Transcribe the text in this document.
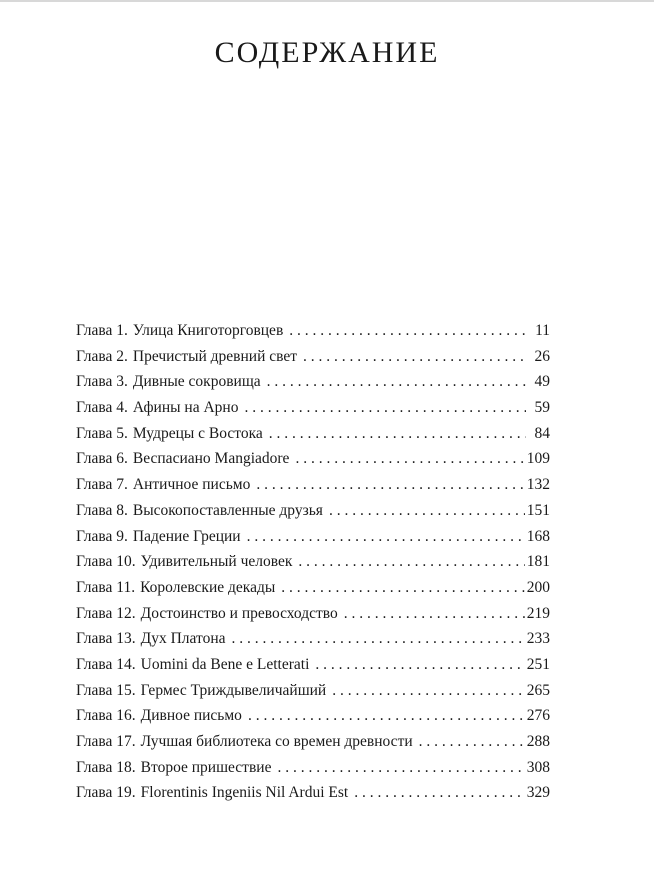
СОДЕРЖАНИЕ
Глава 1. Улица Книготорговцев . . .	11
Глава 2. Пречистый древний свет . . .	26
Глава 3. Дивные сокровища . . .	49
Глава 4. Афины на Арно . . .	59
Глава 5. Мудрецы с Востока . . .	84
Глава 6. Веспасиано Mangiadore . . .	109
Глава 7. Античное письмо . . .	132
Глава 8. Высокопоставленные друзья . . .	151
Глава 9. Падение Греции . . .	168
Глава 10. Удивительный человек . . .	181
Глава 11. Королевские декады . . .	200
Глава 12. Достоинство и превосходство . . .	219
Глава 13. Дух Платона . . .	233
Глава 14. Uomini da Bene e Letterati . . .	251
Глава 15. Гермес Триждывеличайший . . .	265
Глава 16. Дивное письмо . . .	276
Глава 17. Лучшая библиотека со времен древности . . .	288
Глава 18. Второе пришествие . . .	308
Глава 19. Florentinis Ingeniis Nil Ardui Est . . .	329
